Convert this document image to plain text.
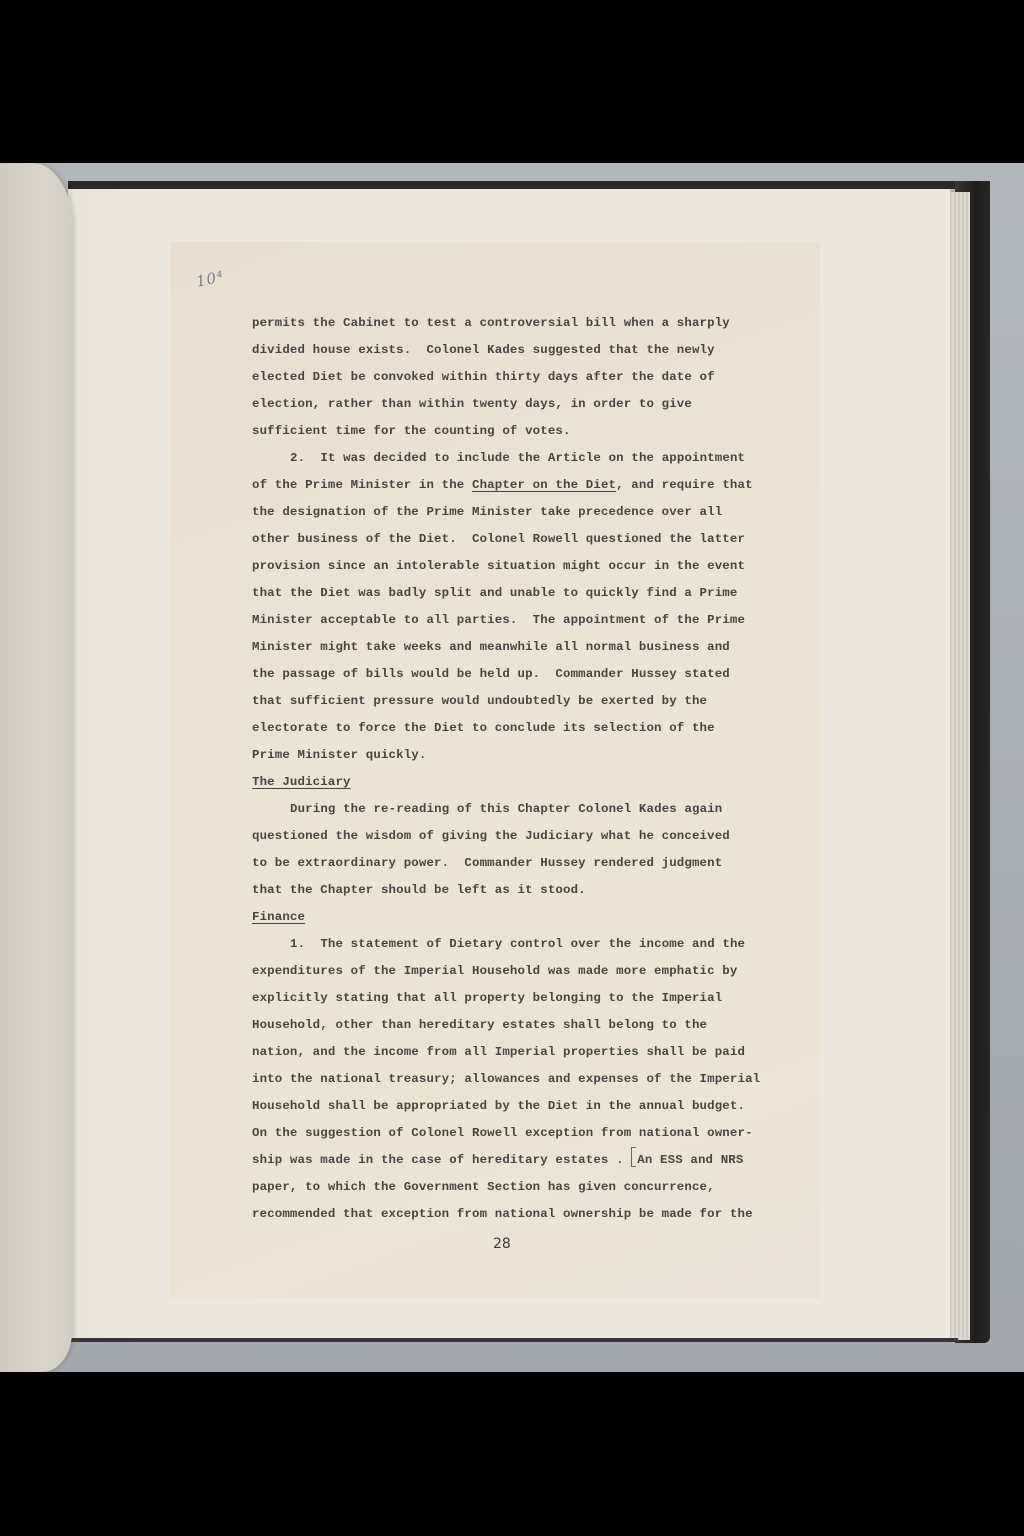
10⁴
permits the Cabinet to test a controversial bill when a sharply
divided house exists.  Colonel Kades suggested that the newly
elected Diet be convoked within thirty days after the date of
election, rather than within twenty days, in order to give
sufficient time for the counting of votes.
2. It was decided to include the Article on the appointment
of the Prime Minister in the Chapter on the Diet, and require that
the designation of the Prime Minister take precedence over all
other business of the Diet.  Colonel Rowell questioned the latter
provision since an intolerable situation might occur in the event
that the Diet was badly split and unable to quickly find a Prime
Minister acceptable to all parties.  The appointment of the Prime
Minister might take weeks and meanwhile all normal business and
the passage of bills would be held up.  Commander Hussey stated
that sufficient pressure would undoubtedly be exerted by the
electorate to force the Diet to conclude its selection of the
Prime Minister quickly.
The Judiciary
During the re-reading of this Chapter Colonel Kades again
questioned the wisdom of giving the Judiciary what he conceived
to be extraordinary power.  Commander Hussey rendered judgment
that the Chapter should be left as it stood.
Finance
1. The statement of Dietary control over the income and the
expenditures of the Imperial Household was made more emphatic by
explicitly stating that all property belonging to the Imperial
Household, other than hereditary estates shall belong to the
nation, and the income from all Imperial properties shall be paid
into the national treasury; allowances and expenses of the Imperial
Household shall be appropriated by the Diet in the annual budget.
On the suggestion of Colonel Rowell exception from national owner-
ship was made in the case of hereditary estates . An ESS and NRS
paper, to which the Government Section has given concurrence,
recommended that exception from national ownership be made for the
28
